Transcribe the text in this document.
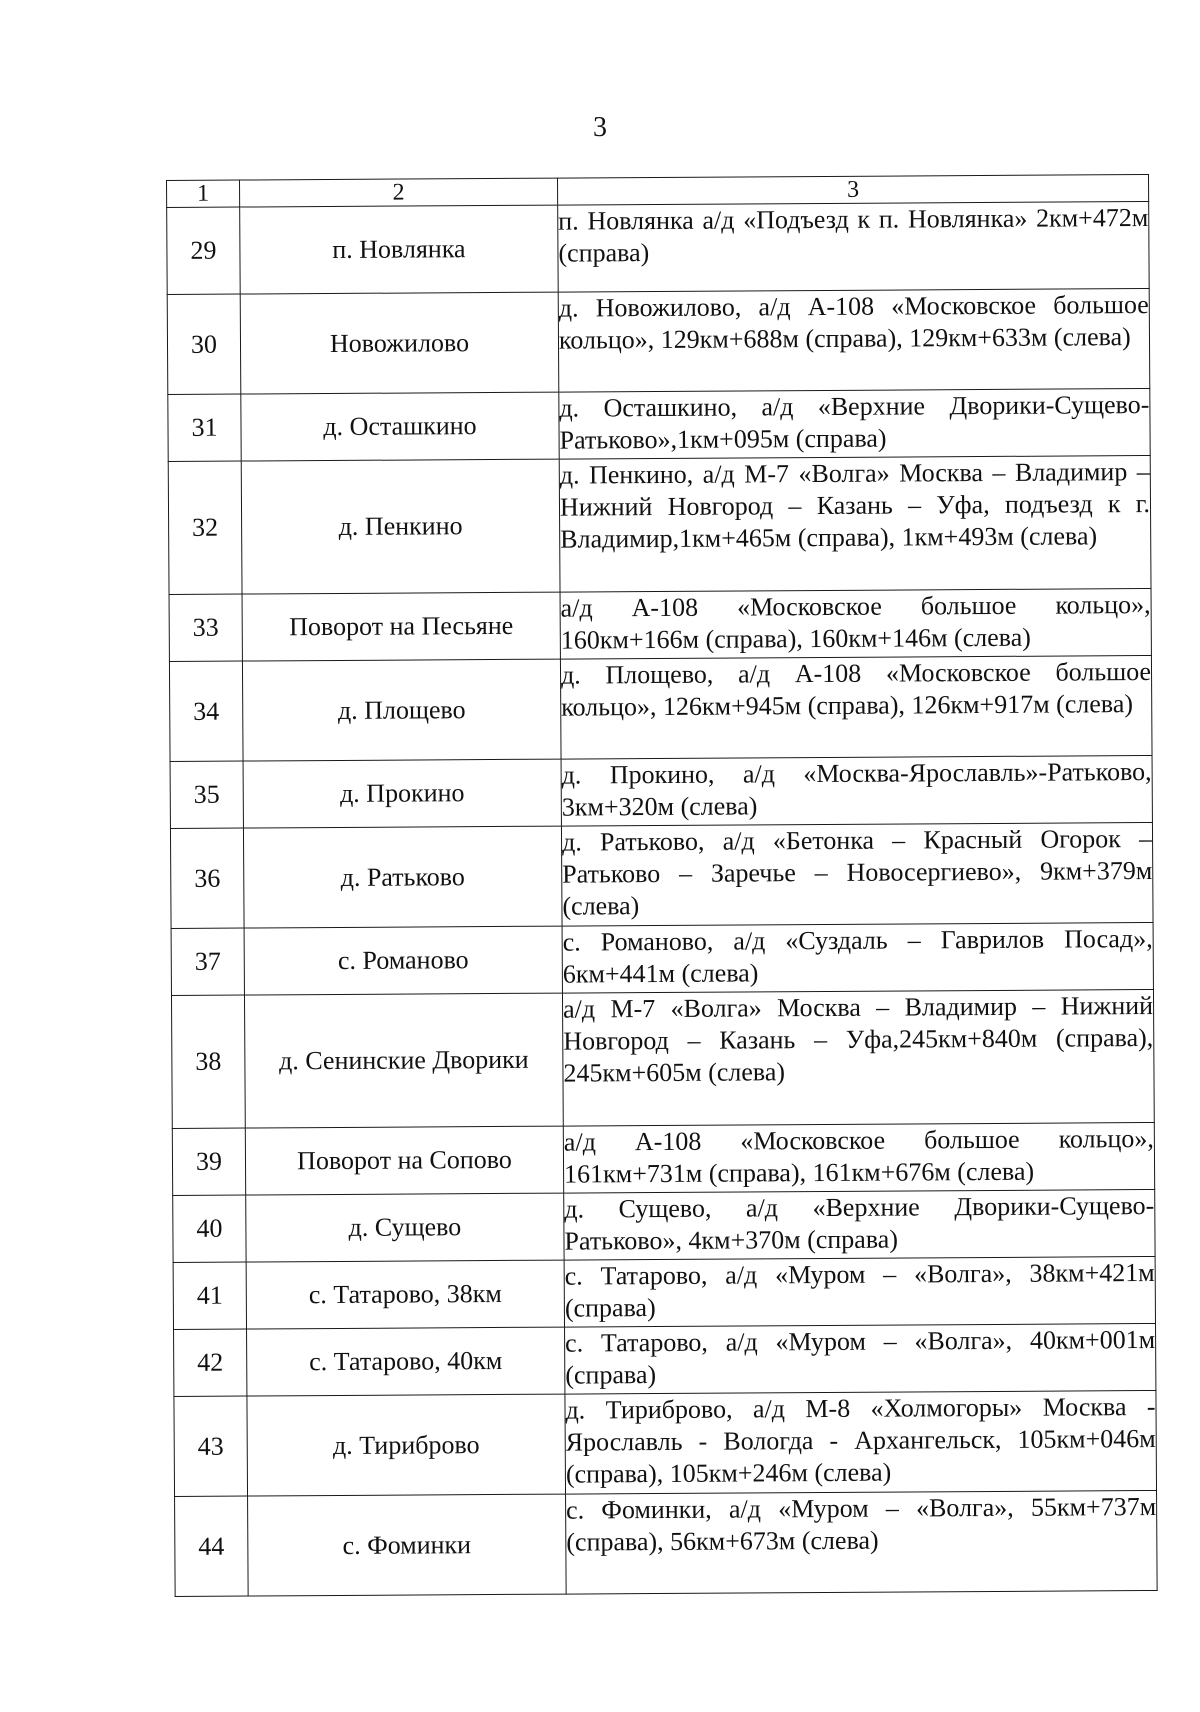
3
1	2	3
29	п. Новлянка	п. Новлянка а/д «Подъезд к п. Новлянка» 2км+472м (справа)
30	Новожилово	д. Новожилово, а/д А-108 «Московское большое кольцо», 129км+688м (справа), 129км+633м (слева)
31	д. Осташкино	д. Осташкино, а/д «Верхние Дворики-Сущево-Ратьково»,1км+095м (справа)
32	д. Пенкино	д. Пенкино, а/д М-7 «Волга» Москва – Владимир – Нижний Новгород – Казань – Уфа, подъезд к г. Владимир,1км+465м (справа), 1км+493м (слева)
33	Поворот на Песьяне	а/д А-108 «Московское большое кольцо», 160км+166м (справа), 160км+146м (слева)
34	д. Площево	д. Площево, а/д А-108 «Московское большое кольцо», 126км+945м (справа), 126км+917м (слева)
35	д. Прокино	д. Прокино, а/д «Москва-Ярославль»-Ратьково, 3км+320м (слева)
36	д. Ратьково	д. Ратьково, а/д «Бетонка – Красный Огорок – Ратьково – Заречье – Новосергиево», 9км+379м (слева)
37	с. Романово	с. Романово, а/д «Суздаль – Гаврилов Посад», 6км+441м (слева)
38	д. Сенинские Дворики	а/д М-7 «Волга» Москва – Владимир – Нижний Новгород – Казань – Уфа,245км+840м (справа), 245км+605м (слева)
39	Поворот на Сопово	а/д А-108 «Московское большое кольцо», 161км+731м (справа), 161км+676м (слева)
40	д. Сущево	д. Сущево, а/д «Верхние Дворики-Сущево-Ратьково», 4км+370м (справа)
41	с. Татарово, 38км	с. Татарово, а/д «Муром – «Волга», 38км+421м (справа)
42	с. Татарово, 40км	с. Татарово, а/д «Муром – «Волга», 40км+001м (справа)
43	д. Тириброво	д. Тириброво, а/д М-8 «Холмогоры» Москва - Ярославль - Вологда - Архангельск, 105км+046м (справа), 105км+246м (слева)
44	с. Фоминки	с. Фоминки, а/д «Муром – «Волга», 55км+737м (справа), 56км+673м (слева)
